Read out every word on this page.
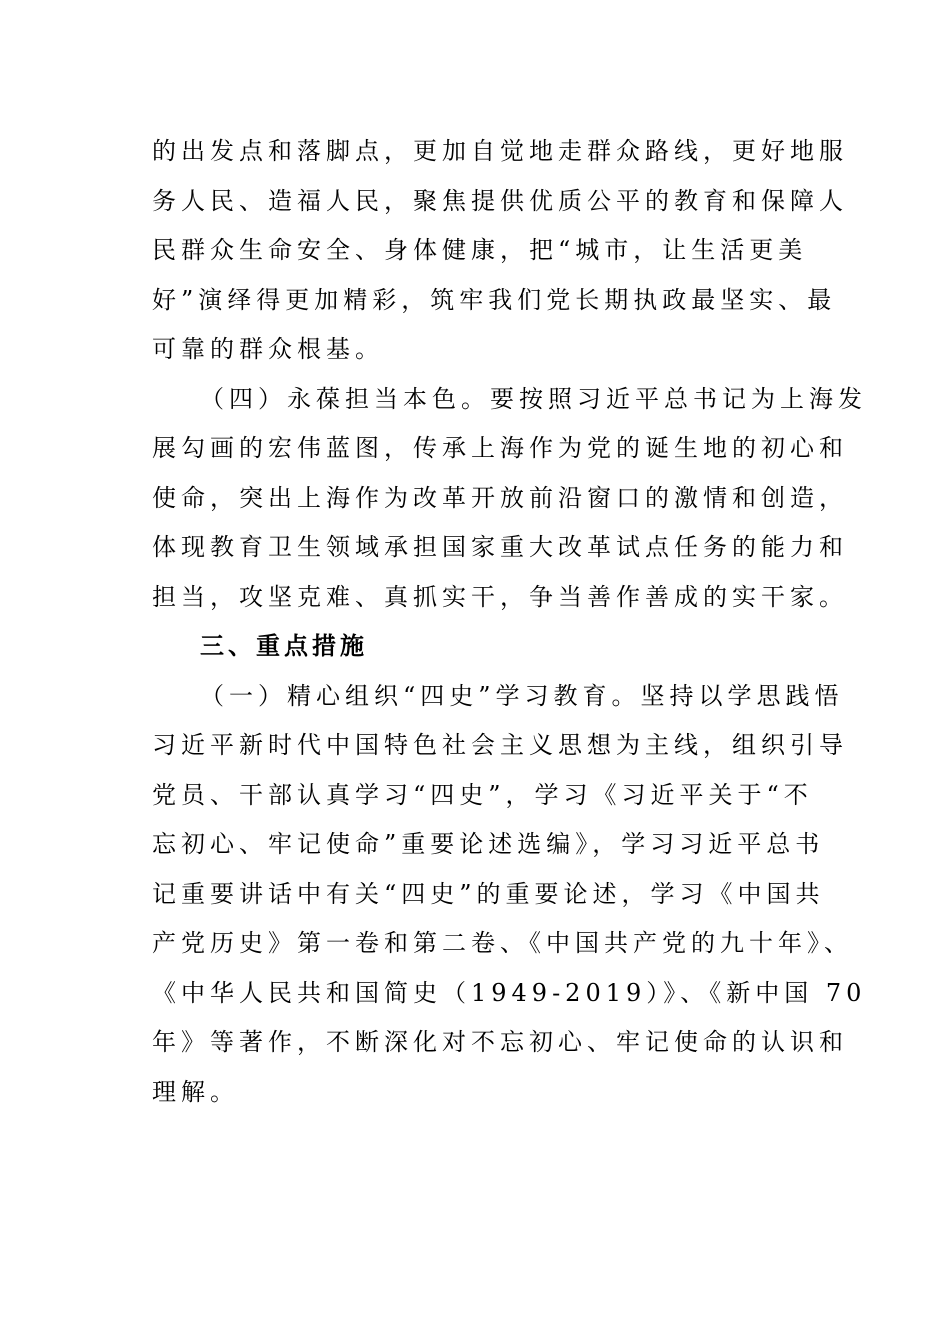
的出发点和落脚点，更加自觉地走群众路线，更好地服
务人民、造福人民，聚焦提供优质公平的教育和保障人
民群众生命安全、身体健康，把“城市，让生活更美
好”演绎得更加精彩，筑牢我们党长期执政最坚实、最
可靠的群众根基。
（四）永葆担当本色。要按照习近平总书记为上海发
展勾画的宏伟蓝图，传承上海作为党的诞生地的初心和
使命，突出上海作为改革开放前沿窗口的激情和创造，
体现教育卫生领域承担国家重大改革试点任务的能力和
担当，攻坚克难、真抓实干，争当善作善成的实干家。
三、重点措施
（一）精心组织“四史”学习教育。坚持以学思践悟
习近平新时代中国特色社会主义思想为主线，组织引导
党员、干部认真学习“四史”，学习《习近平关于“不
忘初心、牢记使命”重要论述选编》，学习习近平总书
记重要讲话中有关“四史”的重要论述，学习《中国共
产党历史》第一卷和第二卷、《中国共产党的九十年》、
《中华人民共和国简史（1949-2019）》、《新中国 70
年》等著作，不断深化对不忘初心、牢记使命的认识和
理解。
